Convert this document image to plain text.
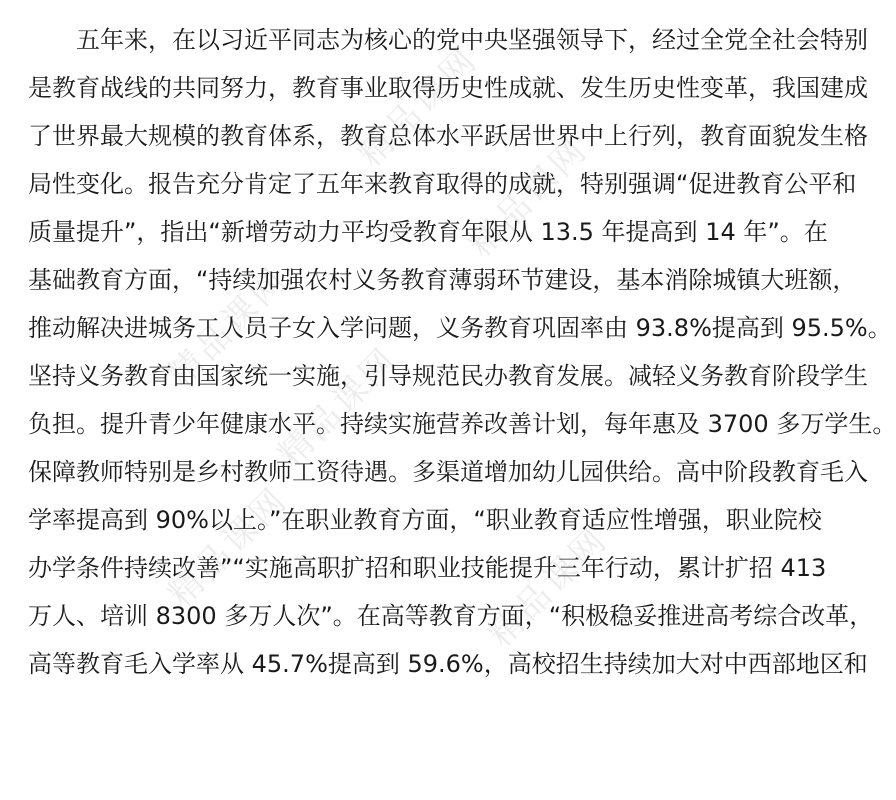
精品课网
精品课网
精品课网
精品课网
精品课网	精品课网
五年来，在以习近平同志为核心的党中央坚强领导下，经过全党全社会特别
是教育战线的共同努力，教育事业取得历史性成就、发生历史性变革，我国建成
了世界最大规模的教育体系，教育总体水平跃居世界中上行列，教育面貌发生格
局性变化。报告充分肯定了五年来教育取得的成就，特别强调“促进教育公平和
质量提升”，指出“新增劳动力平均受教育年限从 13.5 年提高到 14 年”。在
基础教育方面，“持续加强农村义务教育薄弱环节建设，基本消除城镇大班额，
推动解决进城务工人员子女入学问题，义务教育巩固率由 93.8%提高到 95.5%。
坚持义务教育由国家统一实施，引导规范民办教育发展。减轻义务教育阶段学生
负担。提升青少年健康水平。持续实施营养改善计划，每年惠及 3700 多万学生。
保障教师特别是乡村教师工资待遇。多渠道增加幼儿园供给。高中阶段教育毛入
学率提高到 90%以上。”在职业教育方面，“职业教育适应性增强，职业院校
办学条件持续改善”“实施高职扩招和职业技能提升三年行动，累计扩招 413
万人、培训 8300 多万人次”。在高等教育方面，“积极稳妥推进高考综合改革，
高等教育毛入学率从 45.7%提高到 59.6%，高校招生持续加大对中西部地区和
